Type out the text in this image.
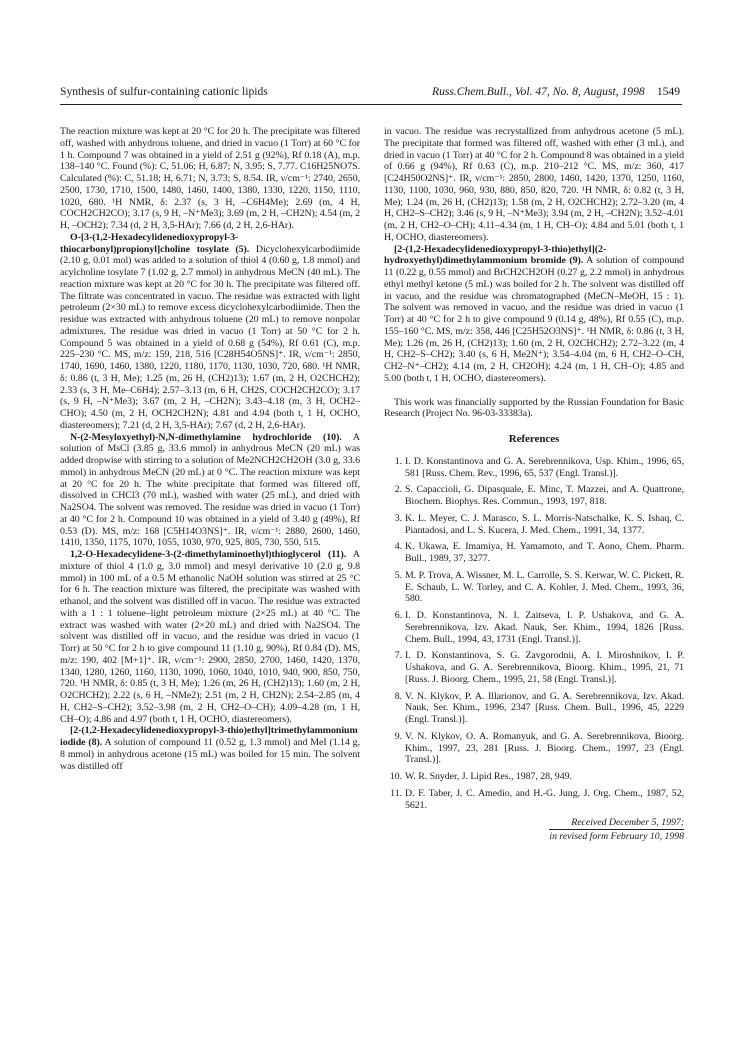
Synthesis of sulfur-containing cationic lipids	Russ.Chem.Bull., Vol. 47, No. 8, August, 1998 1549

The reaction mixture was kept at 20 °C for 20 h. The precipitate was filtered off, washed with anhydrous toluene, and dried in vacuo (1 Torr) at 60 °C for 1 h. Compound 7 was obtained in a yield of 2.51 g (92%), Rf 0.18 (A), m.p. 138–140 °C. Found (%): C, 51.06; H, 6.87; N, 3.95; S, 7.77. C16H25NO7S. Calculated (%): C, 51.18; H, 6.71; N, 3.73; S, 8.54. IR, ν/cm⁻¹: 2740, 2650, 2500, 1730, 1710, 1500, 1480, 1460, 1400, 1380, 1330, 1220, 1150, 1110, 1020, 680. ¹H NMR, δ: 2.37 (s, 3 H, –C6H4Me); 2.69 (m, 4 H, COCH2CH2CO); 3.17 (s, 9 H, –N⁺Me3); 3.69 (m, 2 H, –CH2N); 4.54 (m, 2 H, –OCH2); 7.34 (d, 2 H, 3,5-HAr); 7.66 (d, 2 H, 2,6-HAr).

O-[3-(1,2-Hexadecylidenedioxypropyl-3-thiocarbonyl)propionyl]choline tosylate (5). Dicyclohexylcarbodiimide (2.10 g, 0.01 mol) was added to a solution of thiol 4 (0.60 g, 1.8 mmol) and acylcholine tosylate 7 (1.02 g, 2.7 mmol) in anhydrous MeCN (40 mL). The reaction mixture was kept at 20 °C for 30 h. The precipitate was filtered off. The filtrate was concentrated in vacuo. The residue was extracted with light petroleum (2×30 mL) to remove excess dicyclohexylcarbodiimide. Then the residue was extracted with anhydrous toluene (20 mL) to remove nonpolar admixtures. The residue was dried in vacuo (1 Torr) at 50 °C for 2 h. Compound 5 was obtained in a yield of 0.68 g (54%), Rf 0.61 (C), m.p. 225–230 °C. MS, m/z: 159, 218, 516 [C28H54O5NS]⁺. IR, ν/cm⁻¹: 2850, 1740, 1690, 1460, 1380, 1220, 1180, 1170, 1130, 1030, 720, 680. ¹H NMR, δ: 0.86 (t, 3 H, Me); 1.25 (m, 26 H, (CH2)13); 1.67 (m, 2 H, O2CHCH2); 2.33 (s, 3 H, Me–C6H4); 2.57–3.13 (m, 6 H, CH2S, COCH2CH2CO); 3.17 (s, 9 H, –N⁺Me3); 3.67 (m, 2 H, –CH2N); 3.43–4.18 (m, 3 H, OCH2–CHO); 4.50 (m, 2 H, OCH2CH2N); 4.81 and 4.94 (both t, 1 H, OCHO, diastereomers); 7.21 (d, 2 H, 3,5-HAr); 7.67 (d, 2 H, 2,6-HAr).

N-(2-Mesyloxyethyl)-N,N-dimethylamine hydrochloride (10). A solution of MsCl (3.85 g, 33.6 mmol) in anhydrous MeCN (20 mL) was added dropwise with stirring to a solution of Me2NCH2CH2OH (3.0 g, 33.6 mmol) in anhydrous MeCN (20 mL) at 0 °C. The reaction mixture was kept at 20 °C for 20 h. The white precipitate that formed was filtered off, dissolved in CHCl3 (70 mL), washed with water (25 mL), and dried with Na2SO4. The solvent was removed. The residue was dried in vacuo (1 Torr) at 40 °C for 2 h. Compound 10 was obtained in a yield of 3.40 g (49%), Rf 0.53 (D). MS, m/z: 168 [C5H14O3NS]⁺. IR, ν/cm⁻¹: 2880, 2600, 1460, 1410, 1350, 1175, 1070, 1055, 1030, 970, 925, 805, 730, 550, 515.

1,2-O-Hexadecylidene-3-(2-dimethylaminoethyl)thioglycerol (11). A mixture of thiol 4 (1.0 g, 3.0 mmol) and mesyl derivative 10 (2.0 g, 9.8 mmol) in 100 mL of a 0.5 M ethanolic NaOH solution was stirred at 25 °C for 6 h. The reaction mixture was filtered, the precipitate was washed with ethanol, and the solvent was distilled off in vacuo. The residue was extracted with a 1 : 1 toluene–light petroleum mixture (2×25 mL) at 40 °C. The extract was washed with water (2×20 mL) and dried with Na2SO4. The solvent was distilled off in vacuo, and the residue was dried in vacuo (1 Torr) at 50 °C for 2 h to give compound 11 (1.10 g, 90%), Rf 0.84 (D). MS, m/z: 190, 402 [M+1]⁺. IR, ν/cm⁻¹: 2900, 2850, 2700, 1460, 1420, 1370, 1340, 1280, 1260, 1160, 1130, 1090, 1060, 1040, 1010, 940, 900, 850, 750, 720. ¹H NMR, δ: 0.85 (t, 3 H, Me); 1.26 (m, 26 H, (CH2)13); 1.60 (m, 2 H, O2CHCH2); 2.22 (s, 6 H, –NMe2); 2.51 (m, 2 H, CH2N); 2.54–2.85 (m, 4 H, CH2–S–CH2); 3.52–3.98 (m, 2 H, CH2–O–CH); 4.09–4.28 (m, 1 H, CH–O); 4.86 and 4.97 (both t, 1 H, OCHO, diastereomers).

[2-(1,2-Hexadecylidenedioxypropyl-3-thio)ethyl]trimethylammonium iodide (8). A solution of compound 11 (0.52 g, 1.3 mmol) and MeI (1.14 g, 8 mmol) in anhydrous acetone (15 mL) was boiled for 15 min. The solvent was distilled off

in vacuo. The residue was recrystallized from anhydrous acetone (5 mL). The precipitate that formed was filtered off, washed with ether (3 mL), and dried in vacuo (1 Torr) at 40 °C for 2 h. Compound 8 was obtained in a yield of 0.66 g (94%), Rf 0.63 (C), m.p. 210–212 °C. MS, m/z: 360, 417 [C24H50O2NS]⁺. IR, ν/cm⁻¹: 2850, 2800, 1460, 1420, 1370, 1250, 1160, 1130, 1100, 1030, 960, 930, 880, 850, 820, 720. ¹H NMR, δ: 0.82 (t, 3 H, Me); 1.24 (m, 26 H, (CH2)13); 1.58 (m, 2 H, O2CHCH2); 2.72–3.20 (m, 4 H, CH2–S–CH2); 3.46 (s, 9 H, –N⁺Me3); 3.94 (m, 2 H, –CH2N); 3.52–4.01 (m, 2 H, CH2–O–CH); 4.11–4.34 (m, 1 H, CH–O); 4.84 and 5.01 (both t, 1 H, OCHO, diastereomers).

[2-(1,2-Hexadecylidenedioxypropyl-3-thio)ethyl](2-hydroxyethyl)dimethylammonium bromide (9). A solution of compound 11 (0.22 g, 0.55 mmol) and BrCH2CH2OH (0.27 g, 2.2 mmol) in anhydrous ethyl methyl ketone (5 mL) was boiled for 2 h. The solvent was distilled off in vacuo, and the residue was chromatographed (MeCN–MeOH, 15 : 1). The solvent was removed in vacuo, and the residue was dried in vacuo (1 Torr) at 40 °C for 2 h to give compound 9 (0.14 g, 48%), Rf 0.55 (C), m.p. 155–160 °C. MS, m/z: 358, 446 [C25H52O3NS]⁺. ¹H NMR, δ: 0.86 (t, 3 H, Me); 1.26 (m, 26 H, (CH2)13); 1.60 (m, 2 H, O2CHCH2); 2.72–3.22 (m, 4 H, CH2–S–CH2); 3.40 (s, 6 H, Me2N⁺); 3.54–4.04 (m, 6 H, CH2–O–CH, CH2–N⁺–CH2); 4.14 (m, 2 H, CH2OH); 4.24 (m, 1 H, CH–O); 4.85 and 5.00 (both t, 1 H, OCHO, diastereomers).

This work was financially supported by the Russian Foundation for Basic Research (Project No. 96-03-33383a).

References
1. I. D. Konstantinova and G. A. Serebrennikova, Usp. Khim., 1996, 65, 581 [Russ. Chem. Rev., 1996, 65, 537 (Engl. Transl.)].
2. S. Capaccioli, G. Dipasquale, E. Minc, T. Mazzei, and A. Quattrone, Biochem. Biophys. Res. Commun., 1993, 197, 818.
3. K. L. Meyer, C. J. Marasco, S. L. Morris-Natschalke, K. S. Ishaq, C. Piantadosi, and L. S. Kucera, J. Med. Chem., 1991, 34, 1377.
4. K. Ukawa, E. Imamiya, H. Yamamoto, and T. Aono, Chem. Pharm. Bull., 1989, 37, 3277.
5. M. P. Trova, A. Wissner, M. L. Carrolle, S. S. Kerwar, W. C. Pickett, R. E. Schaub, L. W. Torley, and C. A. Kohler, J. Med. Chem., 1993, 36, 580.
6. I. D. Konstantinova, N. I. Zaitseva, I. P. Ushakova, and G. A. Serebrennikova, Izv. Akad. Nauk, Ser. Khim., 1994, 1826 [Russ. Chem. Bull., 1994, 43, 1731 (Engl. Transl.)].
7. I. D. Konstantinova, S. G. Zavgorodnii, A. I. Miroshnikov, I. P. Ushakova, and G. A. Serebrennikova, Bioorg. Khim., 1995, 21, 71 [Russ. J. Bioorg. Chem., 1995, 21, 58 (Engl. Transl.)].
8. V. N. Klykov, P. A. Illarionov, and G. A. Serebrennikova, Izv. Akad. Nauk, Ser. Khim., 1996, 2347 [Russ. Chem. Bull., 1996, 45, 2229 (Engl. Transl.)].
9. V. N. Klykov, O. A. Romanyuk, and G. A. Serebrennikova, Bioorg. Khim., 1997, 23, 281 [Russ. J. Bioorg. Chem., 1997, 23 (Engl. Transl.)].
10. W. R. Snyder, J. Lipid Res., 1987, 28, 949.
11. D. F. Taber, J. C. Amedio, and H.-G. Jung, J. Org. Chem., 1987, 52, 5621.
Received December 5, 1997;
in revised form February 10, 1998
